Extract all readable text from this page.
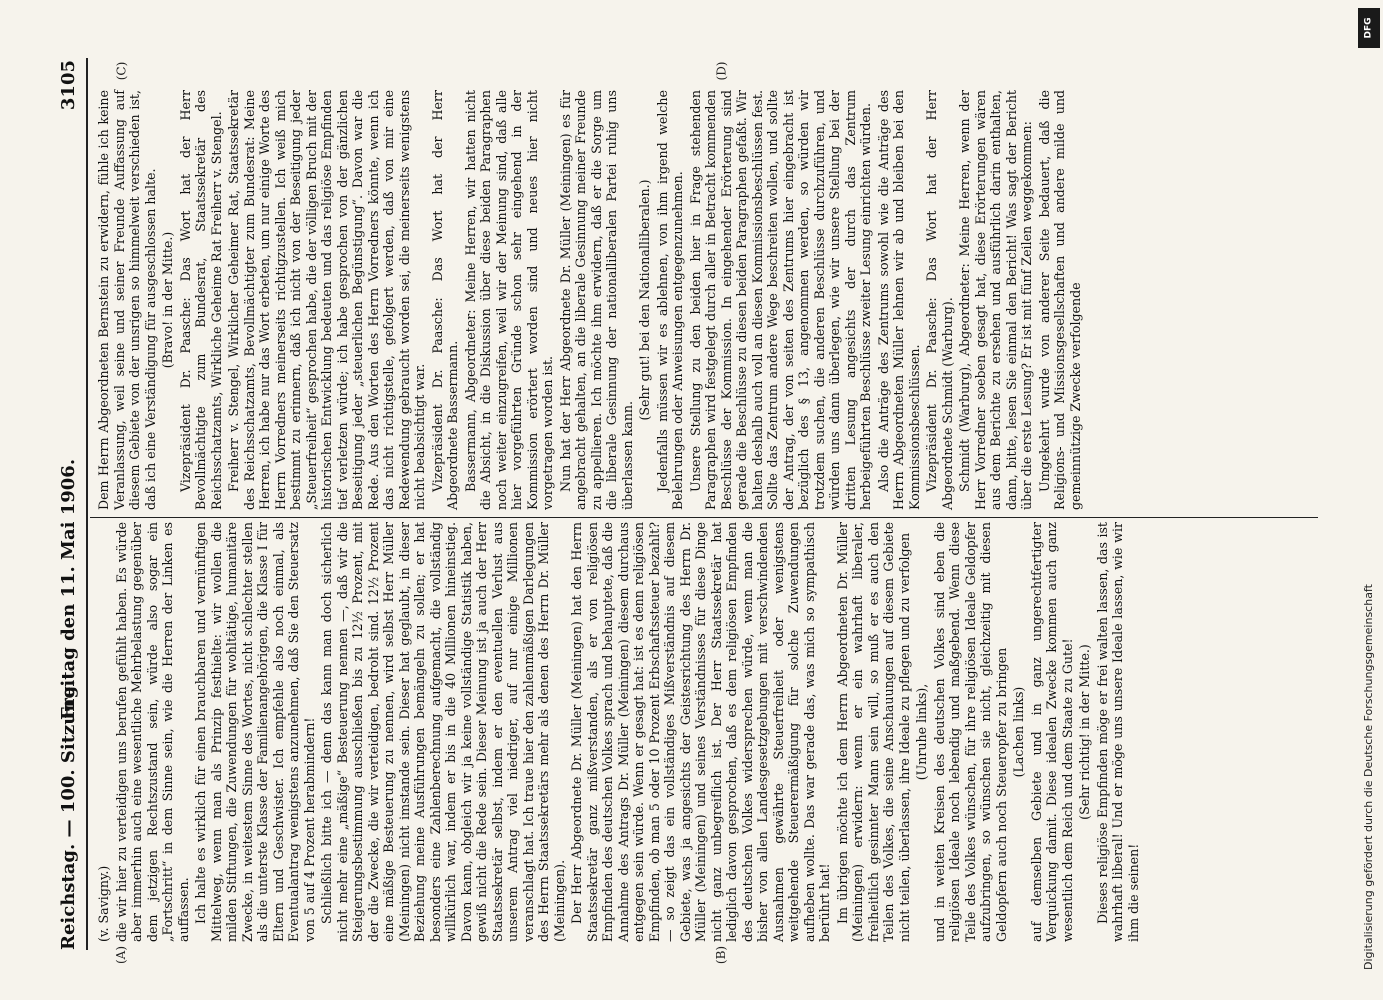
Reichstag. — 100. Sitzung.
Freitag den 11. Mai 1906.
3105
(A)	(B)
(C)	(D)

(v. Savigny.) die wir hier zu verteidigen uns berufen gefühlt haben. Es würde aber immerhin auch eine wesentliche Mehrbelastung gegenüber dem jetzigen Rechtszustand sein, würde also sogar ein „Fortschritt“ in dem Sinne sein, wie die Herren der Linken es auffassen. Ich halte es wirklich für einen brauchbaren und vernünftigen Mittelweg, wenn man als Prinzip festhielte: wir wollen die milden Stiftungen, die Zuwendungen für wohltätige, humanitäre Zwecke, in weitestem Sinne des Wortes, nicht schlechter stellen als die unterste Klasse der Familienangehörigen, die Klasse I für Eltern und Geschwister. Ich empfehle also noch einmal, als Eventualantrag wenigstens anzunehmen, daß Sie den Steuersatz von 5 auf 4 Prozent herabmindern! Schließlich bitte ich — denn das kann man doch sicherlich nicht mehr eine „mäßige“ Besteuerung nennen —, daß wir die Steigerungsbestimmung ausschließen bis zu 12½ Prozent, mit der die Zwecke, die wir verteidigen, bedroht sind. 12½ Prozent eine mäßige Besteuerung zu nennen, wird selbst Herr Müller (Meiningen) nicht imstande sein. Dieser hat geglaubt, in dieser Beziehung meine Ausführungen bemängeln zu sollen; er hat besonders eine Zahlenberechnung aufgemacht, die vollständig willkürlich war, indem er bis in die 40 Millionen hineinstieg. Davon kann, obgleich wir ja keine vollständige Statistik haben, gewiß nicht die Rede sein. Dieser Meinung ist ja auch der Herr Staatssekretär selbst, indem er den eventuellen Verlust aus unserem Antrag viel niedriger, auf nur einige Millionen veranschlagt hat. Ich traue hier den zahlenmäßigen Darlegungen des Herrn Staatssekretärs mehr als denen des Herrn Dr. Müller (Meiningen). Der Herr Abgeordnete Dr. Müller (Meiningen) hat den Herrn Staatssekretär ganz mißverstanden, als er von religiösen Empfinden des deutschen Volkes sprach und behauptete, daß die Annahme des Antrags Dr. Müller (Meiningen) diesem durchaus entgegen sein würde. Wenn er gesagt hat: ist es denn religiösen Empfinden, ob man 5 oder 10 Prozent Erbschaftssteuer bezahlt? — so zeigt das ein vollständiges Mißverständnis auf diesem Gebiete, was ja angesichts der Geistesrichtung des Herrn Dr. Müller (Meiningen) und seines Verständnisses für diese Dinge nicht ganz unbegreiflich ist. Der Herr Staatssekretär hat lediglich davon gesprochen, daß es dem religiösen Empfinden des deutschen Volkes widersprechen würde, wenn man die bisher von allen Landesgesetzgebungen mit verschwindenden Ausnahmen gewährte Steuerfreiheit oder wenigstens weitgehende Steuerermäßigung für solche Zuwendungen aufheben wollte. Das war gerade das, was mich so sympathisch berührt hat! Im übrigen möchte ich dem Herrn Abgeordneten Dr. Müller (Meiningen) erwidern: wenn er ein wahrhaft liberaler, freiheitlich gesinnter Mann sein will, so muß er es auch den Teilen des Volkes, die seine Anschauungen auf diesem Gebiete nicht teilen, überlassen, ihre Ideale zu pflegen und zu verfolgen (Unruhe links), und in weiten Kreisen des deutschen Volkes sind eben die religiösen Ideale noch lebendig und maßgebend. Wenn diese Teile des Volkes wünschen, für ihre religiösen Ideale Geldopfer aufzubringen, so wünschen sie nicht, gleichzeitig mit diesen Geldopfern auch noch Steueropfer zu bringen (Lachen links) auf demselben Gebiete und in ganz ungerechtfertigter Verquickung damit. Diese idealen Zwecke kommen auch ganz wesentlich dem Reich und dem Staate zu Gute! (Sehr richtig! in der Mitte.) Dieses religiöse Empfinden möge er frei walten lassen, das ist wahrhaft liberal! Und er möge uns unsere Ideale lassen, wie wir ihm die seinen!

Dem Herrn Abgeordneten Bernstein zu erwidern, fühle ich keine Veranlassung, weil seine und seiner Freunde Auffassung auf diesem Gebiete von der unsrigen so himmelweit verschieden ist, daß ich eine Verständigung für ausgeschlossen halte. (Bravo! in der Mitte.) Vizepräsident Dr. Paasche: Das Wort hat der Herr Bevollmächtigte zum Bundesrat, Staatssekretär des Reichsschatzamts, Wirkliche Geheime Rat Freiherr v. Stengel. Freiherr v. Stengel, Wirklicher Geheimer Rat, Staatssekretär des Reichsschatzamts, Bevollmächtigter zum Bundesrat: Meine Herren, ich habe nur das Wort erbeten, um nur einige Worte des Herrn Vorredners meinerseits richtigzustellen. Ich weiß mich bestimmt zu erinnern, daß ich nicht von der Beseitigung jeder „Steuerfreiheit“ gesprochen habe, die der völligen Bruch mit der historischen Entwicklung bedeuten und das religiöse Empfinden tief verletzen würde; ich habe gesprochen von der gänzlichen Beseitigung jeder „steuerlichen Begünstigung“. Davon war die Rede. Aus den Worten des Herrn Vorredners könnte, wenn ich das nicht richtigstelle, gefolgert werden, daß von mir eine Redewendung gebraucht worden sei, die meinerseits wenigstens nicht beabsichtigt war. Vizepräsident Dr. Paasche: Das Wort hat der Herr Abgeordnete Bassermann. Bassermann, Abgeordneter: Meine Herren, wir hatten nicht die Absicht, in die Diskussion über diese beiden Paragraphen noch weiter einzugreifen, weil wir der Meinung sind, daß alle hier vorgeführten Gründe schon sehr eingehend in der Kommission erörtert worden sind und neues hier nicht vorgetragen worden ist. Nun hat der Herr Abgeordnete Dr. Müller (Meiningen) es für angebracht gehalten, an die liberale Gesinnung meiner Freunde zu appellieren. Ich möchte ihm erwidern, daß er die Sorge um die liberale Gesinnung der nationalliberalen Partei ruhig uns überlassen kann.

(Sehr gut! bei den Nationalliberalen.) Jedenfalls müssen wir es ablehnen, von ihm irgend welche Belehrungen oder Anweisungen entgegenzunehmen. Unsere Stellung zu den beiden hier in Frage stehenden Paragraphen wird festgelegt durch aller in Betracht kommenden Beschlüsse der Kommission. In eingehender Erörterung sind gerade die Beschlüsse zu diesen beiden Paragraphen gefaßt. Wir halten deshalb auch voll an diesen Kommissionsbeschlüssen fest. Sollte das Zentrum andere Wege beschreiten wollen, und sollte der Antrag, der von seiten des Zentrums hier eingebracht ist bezüglich des § 13, angenommen werden, so würden wir trotzdem suchen, die anderen Beschlüsse durchzuführen, und würden uns dann überlegen, wie wir unsere Stellung bei der dritten Lesung angesichts der durch das Zentrum herbeigeführten Beschlüsse zweiter Lesung einrichten würden. Also die Anträge des Zentrums sowohl wie die Anträge des Herrn Abgeordneten Müller lehnen wir ab und bleiben bei den Kommissionsbeschlüssen. Vizepräsident Dr. Paasche: Das Wort hat der Herr Abgeordnete Schmidt (Warburg). Schmidt (Warburg), Abgeordneter: Meine Herren, wenn der Herr Vorredner soeben gesagt hat, diese Erörterungen wären aus dem Berichte zu ersehen und ausführlich darin enthalten, dann, bitte, lesen Sie einmal den Bericht! Was sagt der Bericht über die erste Lesung? Er ist mit fünf Zeilen weggekommen: Umgekehrt wurde von anderer Seite bedauert, daß die Religions- und Missionsgesellschaften und andere milde und gemeinnützige Zwecke verfolgende

DFG
Digitalisierung gefördert durch die Deutsche Forschungsgemeinschaft
